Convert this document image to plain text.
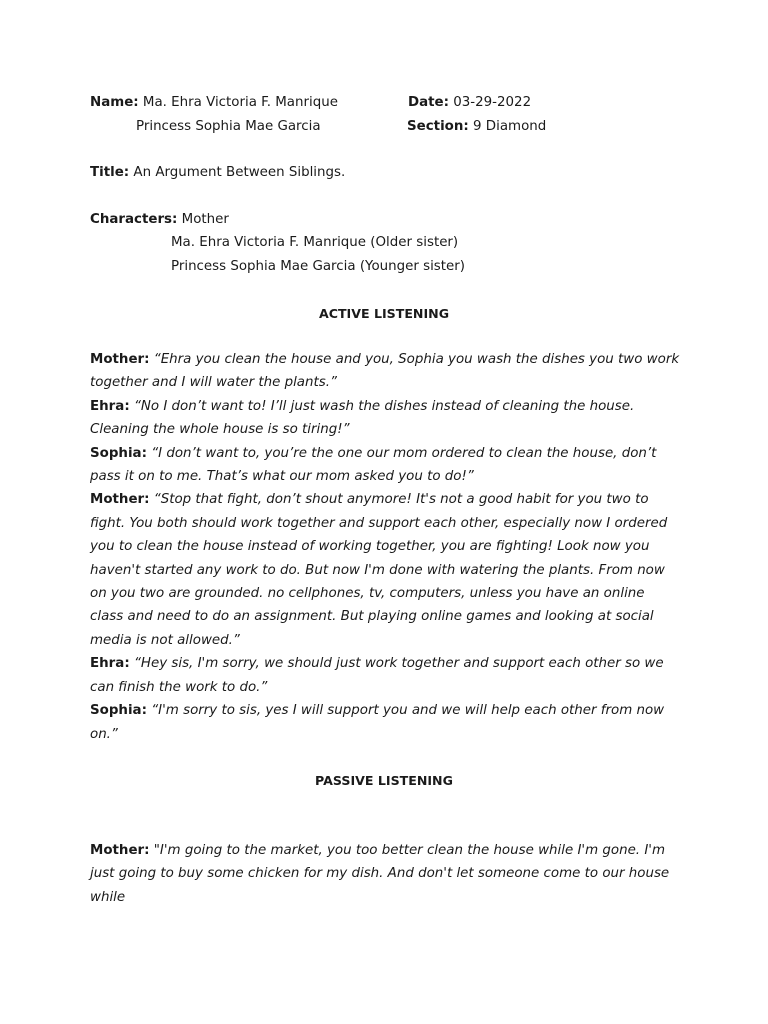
Name: Ma. Ehra Victoria F. Manrique	Date: 03-29-2022
Princess Sophia Mae Garcia	Section: 9 Diamond
Title: An Argument Between Siblings.
Characters: Mother
Ma. Ehra Victoria F. Manrique (Older sister)
Princess Sophia Mae Garcia (Younger sister)
ACTIVE LISTENING

Mother: “Ehra you clean the house and you, Sophia you wash the dishes you two work together and I will water the plants.”

Ehra: “No I don’t want to! I’ll just wash the dishes instead of cleaning the house. Cleaning the whole house is so tiring!”

Sophia: “I don’t want to, you’re the one our mom ordered to clean the house, don’t pass it on to me. That’s what our mom asked you to do!”

Mother: “Stop that fight, don’t shout anymore! It's not a good habit for you two to fight. You both should work together and support each other, especially now I ordered you to clean the house instead of working together, you are fighting! Look now you haven't started any work to do. But now I'm done with watering the plants. From now on you two are grounded. no cellphones, tv, computers, unless you have an online class and need to do an assignment. But playing online games and looking at social media is not allowed.”

Ehra: “Hey sis, I'm sorry, we should just work together and support each other so we can finish the work to do.”

Sophia: “I'm sorry to sis, yes I will support you and we will help each other from now on.”

PASSIVE LISTENING

Mother: "I'm going to the market, you too better clean the house while I'm gone. I'm just going to buy some chicken for my dish. And don't let someone come to our house while
